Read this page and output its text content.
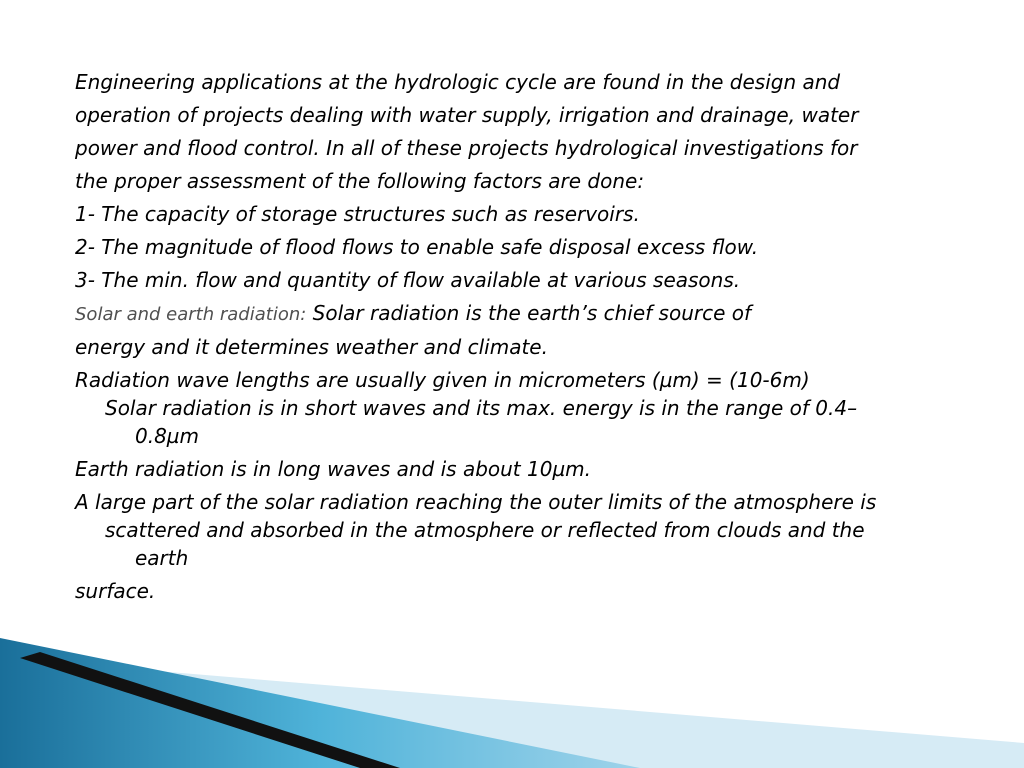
Engineering applications at the hydrologic cycle are found in the design and

operation of projects dealing with water supply, irrigation and drainage, water

power and flood control. In all of these projects hydrological investigations for

the proper assessment of the following factors are done:

1- The capacity of storage structures such as reservoirs.

2- The magnitude of flood flows to enable safe disposal excess flow.

3- The min. flow and quantity of flow available at various seasons.

Solar and earth radiation: Solar radiation is the earth’s chief source of

energy and it determines weather and climate.

Radiation wave lengths are usually given in micrometers (µm) = (10-6m)

Solar radiation is in short waves and its max. energy is in the range of 0.4–
0.8µm

Earth radiation is in long waves and is about 10µm.

A large part of the solar radiation reaching the outer limits of the atmosphere is

scattered and absorbed in the atmosphere or reflected from clouds and the
earth

surface.
